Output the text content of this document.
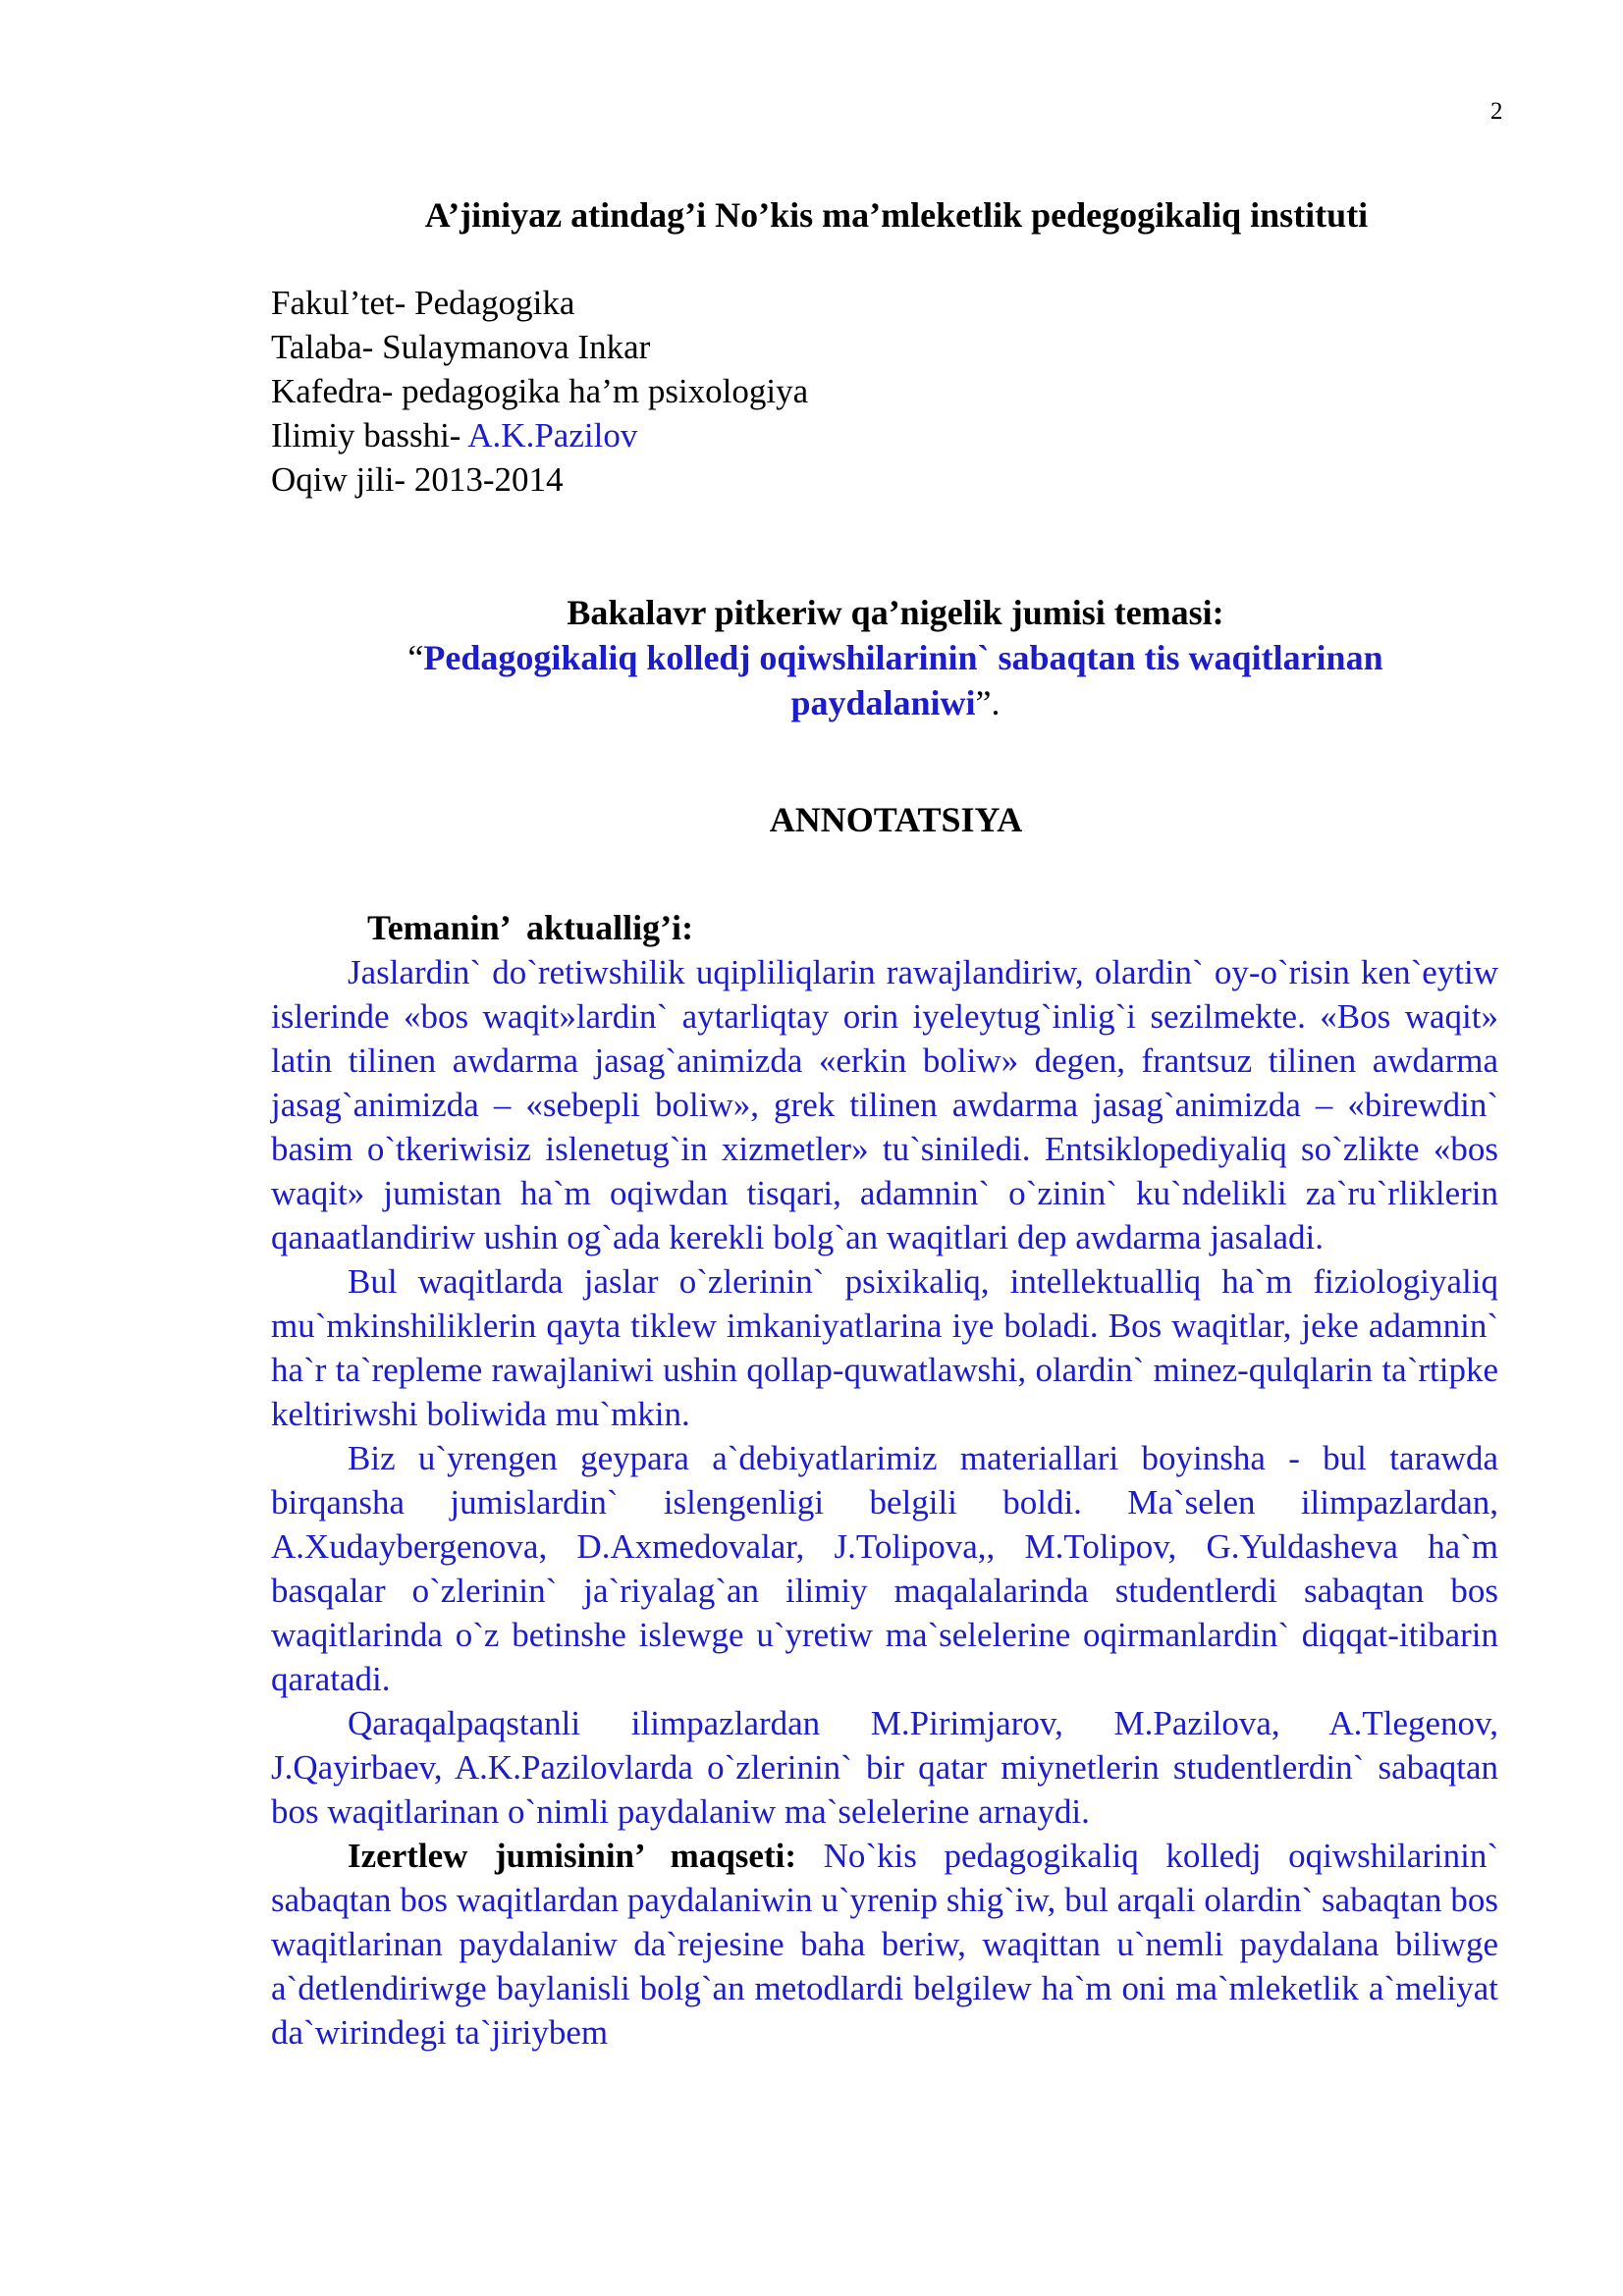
2
A’jiniyaz atindag’i No’kis ma’mleketlik pedegogikaliq instituti
Fakul’tet- Pedagogika
Talaba- Sulaymanova Inkar
Kafedra- pedagogika ha’m psixologiya
Ilimiy basshi- A.K.Pazilov
Oqiw jili- 2013-2014
Bakalavr pitkeriw qa’nigelik jumisi temasi:
“Pedagogikaliq kolledj oqiwshilarinin` sabaqtan tis waqitlarinan paydalaniwi”.
ANNOTATSIYA
Temanin’  aktuallig’i:

Jaslardin` do`retiwshilik uqipliliqlarin rawajlandiriw, olardin` oy-o`risin ken`eytiw islerinde «bos waqit»lardin` aytarliqtay orin iyeleytug`inlig`i sezilmekte. «Bos waqit» latin tilinen awdarma jasag`animizda «erkin boliw» degen, frantsuz tilinen awdarma jasag`animizda – «sebepli boliw», grek tilinen awdarma jasag`animizda – «birewdin` basim o`tkeriwisiz islenetug`in xizmetler» tu`siniledi. Entsiklopediyaliq so`zlikte «bos waqit» jumistan ha`m oqiwdan tisqari, adamnin` o`zinin` ku`ndelikli za`ru`rliklerin qanaatlandiriw ushin og`ada kerekli bolg`an waqitlari dep awdarma jasaladi.

Bul waqitlarda jaslar o`zlerinin` psixikaliq, intellektualliq ha`m fiziologiyaliq mu`mkinshiliklerin qayta tiklew imkaniyatlarina iye boladi. Bos waqitlar, jeke adamnin` ha`r ta`repleme rawajlaniwi ushin qollap-quwatlawshi, olardin` minez-qulqlarin ta`rtipke keltiriwshi boliwida mu`mkin.

Biz u`yrengen geypara a`debiyatlarimiz materiallari boyinsha - bul tarawda birqansha jumislardin` islengenligi belgili boldi. Ma`selen ilimpazlardan, A.Xudaybergenova, D.Axmedovalar, J.Tolipova,, M.Tolipov, G.Yuldasheva ha`m basqalar o`zlerinin` ja`riyalag`an ilimiy maqalalarinda studentlerdi sabaqtan bos waqitlarinda o`z betinshe islewge u`yretiw ma`selelerine oqirmanlardin` diqqat-itibarin qaratadi.

Qaraqalpaqstanli ilimpazlardan M.Pirimjarov, M.Pazilova, A.Tlegenov, J.Qayirbaev, A.K.Pazilovlarda o`zlerinin` bir qatar miynetlerin studentlerdin` sabaqtan bos waqitlarinan o`nimli paydalaniw ma`selelerine arnaydi.

Izertlew jumisinin’ maqseti: No`kis pedagogikaliq kolledj oqiwshilarinin` sabaqtan bos waqitlardan paydalaniwin u`yrenip shig`iw, bul arqali olardin` sabaqtan bos waqitlarinan paydalaniw da`rejesine baha beriw, waqittan u`nemli paydalana biliwge a`detlendiriwge baylanisli bolg`an metodlardi belgilew ha`m oni ma`mleketlik a`meliyat da`wirindegi ta`jiriybem
